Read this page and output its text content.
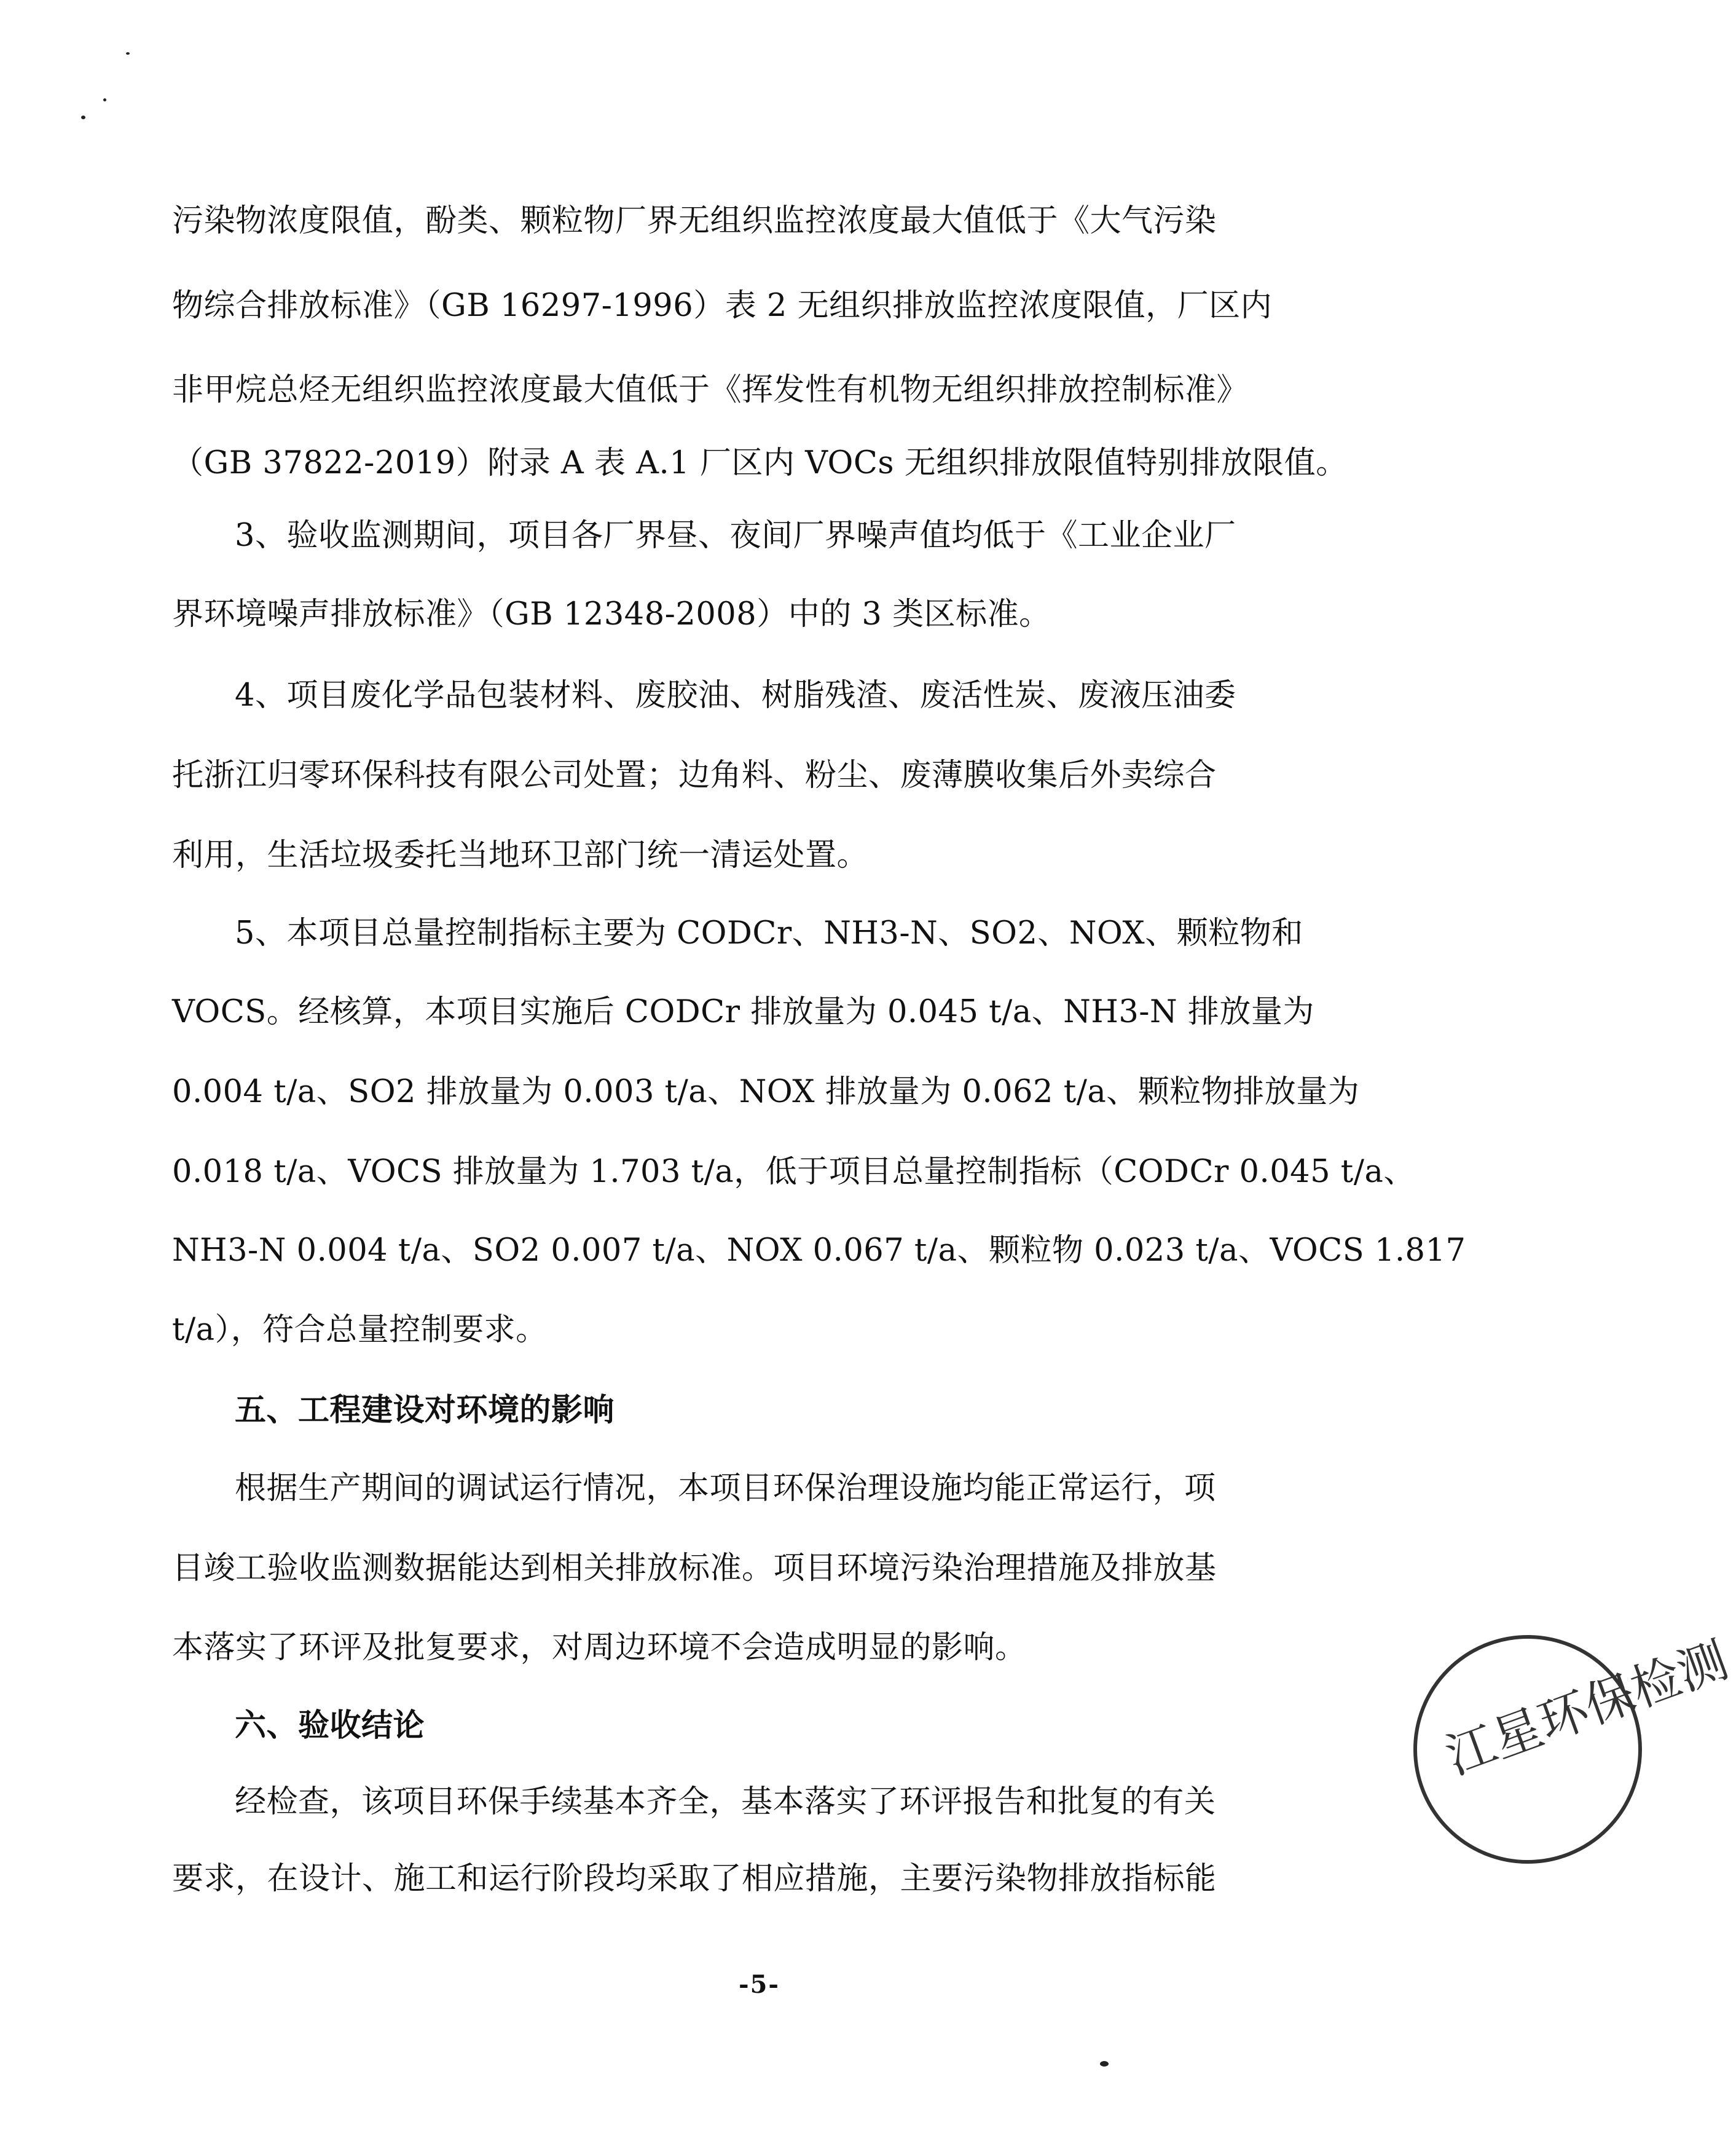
污染物浓度限值，酚类、颗粒物厂界无组织监控浓度最大值低于《大气污染
物综合排放标准》（GB 16297-1996）表 2 无组织排放监控浓度限值，厂区内
非甲烷总烃无组织监控浓度最大值低于《挥发性有机物无组织排放控制标准》
（GB 37822-2019）附录 A 表 A.1 厂区内 VOCs 无组织排放限值特别排放限值。
3、验收监测期间，项目各厂界昼、夜间厂界噪声值均低于《工业企业厂
界环境噪声排放标准》（GB 12348-2008）中的 3 类区标准。
4、项目废化学品包装材料、废胶油、树脂残渣、废活性炭、废液压油委
托浙江归零环保科技有限公司处置；边角料、粉尘、废薄膜收集后外卖综合
利用，生活垃圾委托当地环卫部门统一清运处置。
5、本项目总量控制指标主要为 CODCr、NH3-N、SO2、NOX、颗粒物和
VOCS。经核算，本项目实施后 CODCr 排放量为 0.045 t/a、NH3-N 排放量为
0.004 t/a、SO2 排放量为 0.003 t/a、NOX 排放量为 0.062 t/a、颗粒物排放量为
0.018 t/a、VOCS 排放量为 1.703 t/a，低于项目总量控制指标（CODCr 0.045 t/a、
NH3-N 0.004 t/a、SO2 0.007 t/a、NOX 0.067 t/a、颗粒物 0.023 t/a、VOCS 1.817
t/a），符合总量控制要求。
五、工程建设对环境的影响
根据生产期间的调试运行情况，本项目环保治理设施均能正常运行，项
目竣工验收监测数据能达到相关排放标准。项目环境污染治理措施及排放基
本落实了环评及批复要求，对周边环境不会造成明显的影响。
六、验收结论
经检查，该项目环保手续基本齐全，基本落实了环评报告和批复的有关
要求，在设计、施工和运行阶段均采取了相应措施，主要污染物排放指标能
江星环保检测
-5-
